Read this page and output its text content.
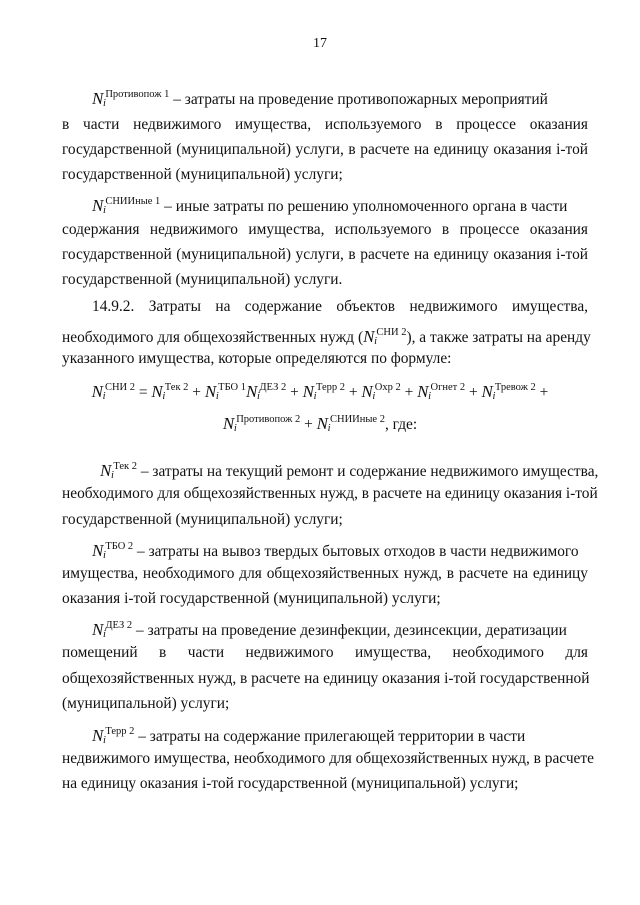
17
N i
$^{Противопож 1}$ – затраты на проведение противопожарных мероприятий
в части недвижимого имущества, используемого в процессе оказания
государственной (муниципальной) услуги, в расчете на единицу оказания i-той
государственной (муниципальной) услуги;
N i
$^{СНИИные 1}$ – иные затраты по решению уполномоченного органа в части
содержания недвижимого имущества, используемого в процессе оказания
государственной (муниципальной) услуги, в расчете на единицу оказания i-той
государственной (муниципальной) услуги.
14.9.2. Затраты на содержание объектов недвижимого имущества,
необходимого для общехозяйственных нужд (N i
$^{СНИ 2}$), а также затраты на аренду
указанного имущества, которые определяются по формуле:
N i
$^{СНИ 2}$ = N i
$^{Тек 2}$ + N i
$^{ТБО 1}$N i
$^{ДЕЗ 2}$ + N i
$^{Терр 2}$ + N i
$^{Охр 2}$ + N i
$^{Огнет 2}$ + N i
$^{Тревож 2}$ +
N i
$^{Противопож 2}$ + N i
$^{СНИИные 2}$, где:
N i
$^{Тек 2}$ – затраты на текущий ремонт и содержание недвижимого имущества,
необходимого для общехозяйственных нужд, в расчете на единицу оказания i-той
государственной (муниципальной) услуги;
N i
$^{ТБО 2}$ – затраты на вывоз твердых бытовых отходов в части недвижимого
имущества, необходимого для общехозяйственных нужд, в расчете на единицу
оказания i-той государственной (муниципальной) услуги;
N i
$^{ДЕЗ 2}$ – затраты на проведение дезинфекции, дезинсекции, дератизации
помещений в части недвижимого имущества, необходимого для
общехозяйственных нужд, в расчете на единицу оказания i-той государственной
(муниципальной) услуги;
N i
$^{Терр 2}$ – затраты на содержание прилегающей территории в части
недвижимого имущества, необходимого для общехозяйственных нужд, в расчете
на единицу оказания i-той государственной (муниципальной) услуги;
